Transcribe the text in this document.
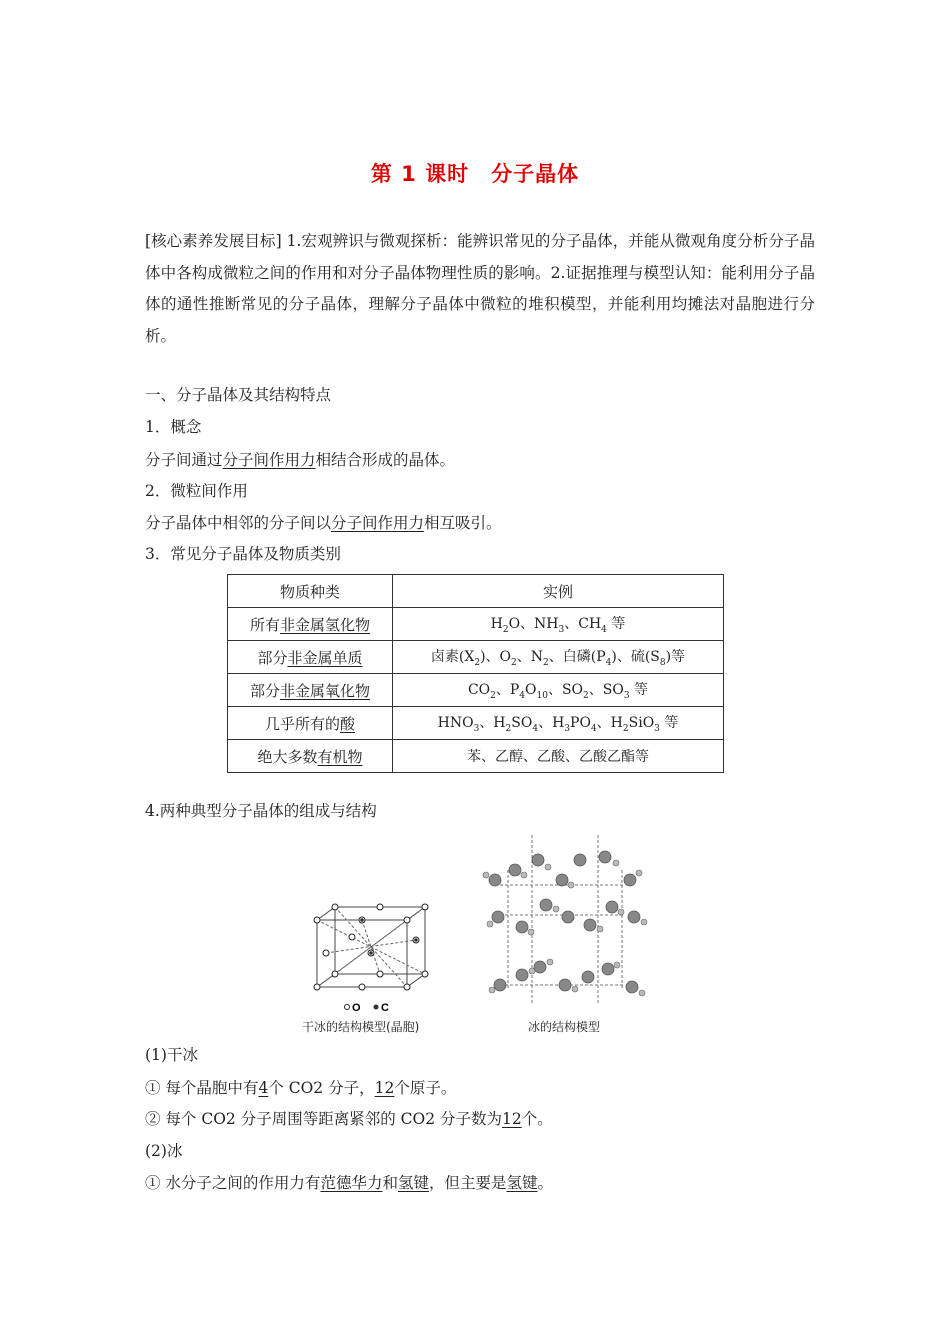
第 1 课时 分子晶体
[核心素养发展目标] 1.宏观辨识与微观探析：能辨识常见的分子晶体，并能从微观角度分析分子晶体中各构成微粒之间的作用和对分子晶体物理性质的影响。2.证据推理与模型认知：能利用分子晶体的通性推断常见的分子晶体，理解分子晶体中微粒的堆积模型，并能利用均摊法对晶胞进行分析。
一、分子晶体及其结构特点
1．概念
分子间通过分子间作用力相结合形成的晶体。
2．微粒间作用
分子晶体中相邻的分子间以分子间作用力相互吸引。
3．常见分子晶体及物质类别
物质种类	实例
所有非金属氢化物	$H_2O$、$NH_3$、$CH_4$ 等
部分非金属单质	卤素$(X_2)$、$O_2$、$N_2$、白磷$(P_4)$、硫$(S_8)$等
部分非金属氧化物	$CO_2$、$P_4O_{10}$、$SO_2$、$SO_3$ 等
几乎所有的酸	$HNO_3$、$H_2SO_4$、$H_3PO_4$、$H_2SiO_3$ 等
绝大多数有机物	苯、乙醇、乙酸、乙酸乙酯等
4.两种典型分子晶体的组成与结构
O C
干冰的结构模型(晶胞)	冰的结构模型
(1)干冰
① 每个晶胞中有4个 CO2 分子，12个原子。
② 每个 CO2 分子周围等距离紧邻的 CO2 分子数为12个。
(2)冰
① 水分子之间的作用力有范德华力和氢键，但主要是氢键。
